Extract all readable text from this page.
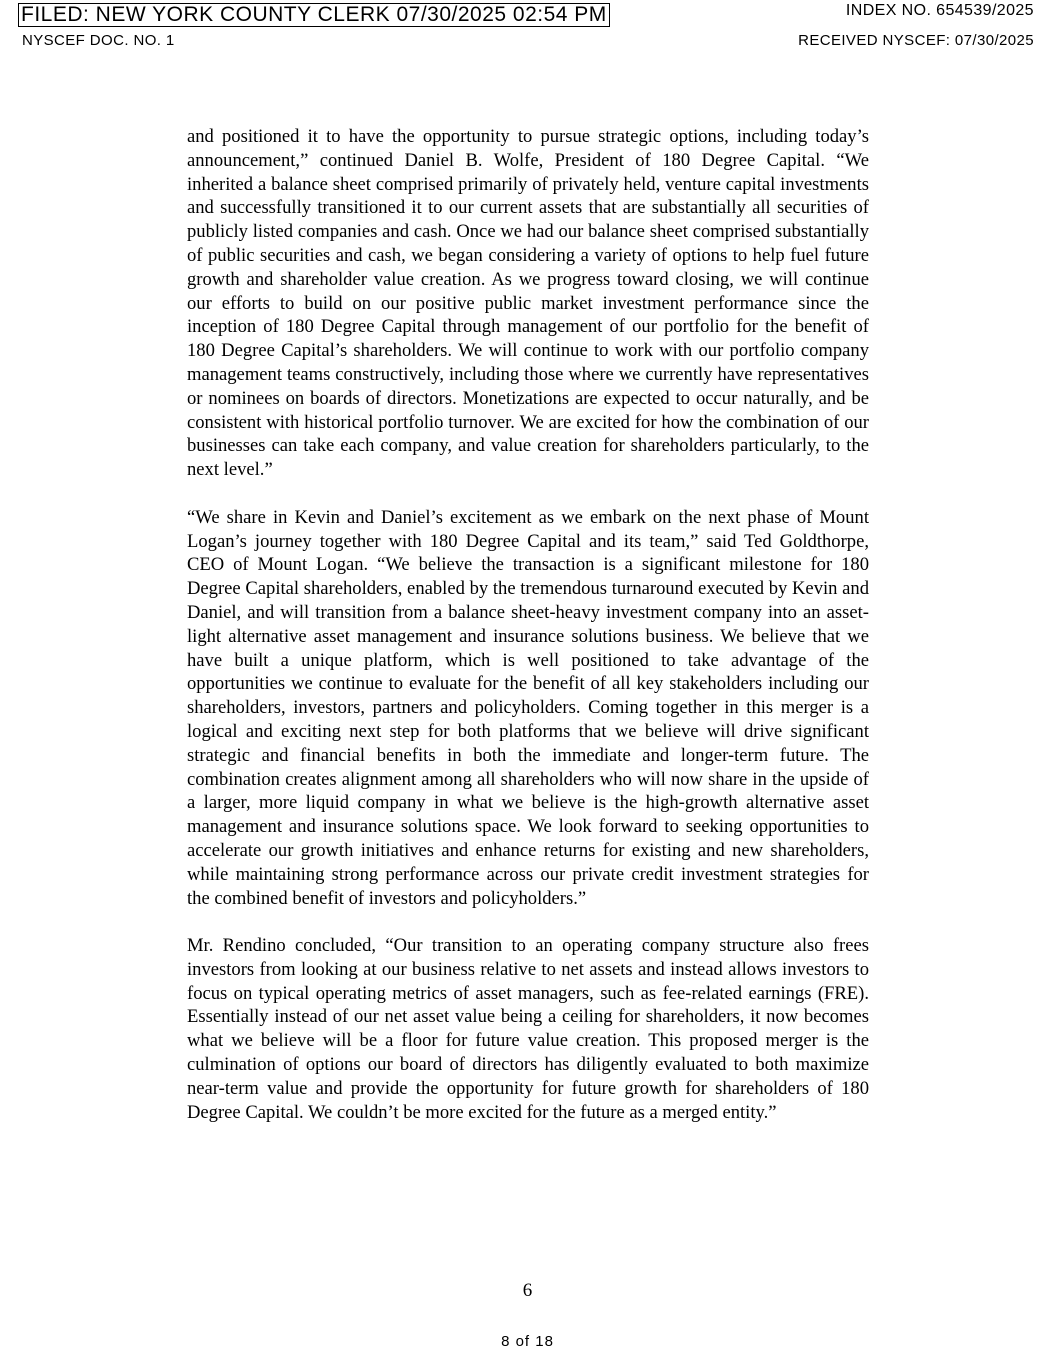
FILED: NEW YORK COUNTY CLERK 07/30/2025 02:54 PM	INDEX NO. 654539/2025
NYSCEF DOC. NO. 1	RECEIVED NYSCEF: 07/30/2025

and positioned it to have the opportunity to pursue strategic options, including today’s announcement,” continued Daniel B. Wolfe, President of 180 Degree Capital. “We inherited a balance sheet comprised primarily of privately held, venture capital investments and successfully transitioned it to our current assets that are substantially all securities of publicly listed companies and cash. Once we had our balance sheet comprised substantially of public securities and cash, we began considering a variety of options to help fuel future growth and shareholder value creation. As we progress toward closing, we will continue our efforts to build on our positive public market investment performance since the inception of 180 Degree Capital through management of our portfolio for the benefit of 180 Degree Capital’s shareholders. We will continue to work with our portfolio company management teams constructively, including those where we currently have representatives or nominees on boards of directors. Monetizations are expected to occur naturally, and be consistent with historical portfolio turnover. We are excited for how the combination of our businesses can take each company, and value creation for shareholders particularly, to the next level.”

“We share in Kevin and Daniel’s excitement as we embark on the next phase of Mount Logan’s journey together with 180 Degree Capital and its team,” said Ted Goldthorpe, CEO of Mount Logan. “We believe the transaction is a significant milestone for 180 Degree Capital shareholders, enabled by the tremendous turnaround executed by Kevin and Daniel, and will transition from a balance sheet-heavy investment company into an asset-light alternative asset management and insurance solutions business. We believe that we have built a unique platform, which is well positioned to take advantage of the opportunities we continue to evaluate for the benefit of all key stakeholders including our shareholders, investors, partners and policyholders. Coming together in this merger is a logical and exciting next step for both platforms that we believe will drive significant strategic and financial benefits in both the immediate and longer-term future. The combination creates alignment among all shareholders who will now share in the upside of a larger, more liquid company in what we believe is the high-growth alternative asset management and insurance solutions space. We look forward to seeking opportunities to accelerate our growth initiatives and enhance returns for existing and new shareholders, while maintaining strong performance across our private credit investment strategies for the combined benefit of investors and policyholders.”

Mr. Rendino concluded, “Our transition to an operating company structure also frees investors from looking at our business relative to net assets and instead allows investors to focus on typical operating metrics of asset managers, such as fee-related earnings (FRE). Essentially instead of our net asset value being a ceiling for shareholders, it now becomes what we believe will be a floor for future value creation. This proposed merger is the culmination of options our board of directors has diligently evaluated to both maximize near-term value and provide the opportunity for future growth for shareholders of 180 Degree Capital. We couldn’t be more excited for the future as a merged entity.”

6
8 of 18
